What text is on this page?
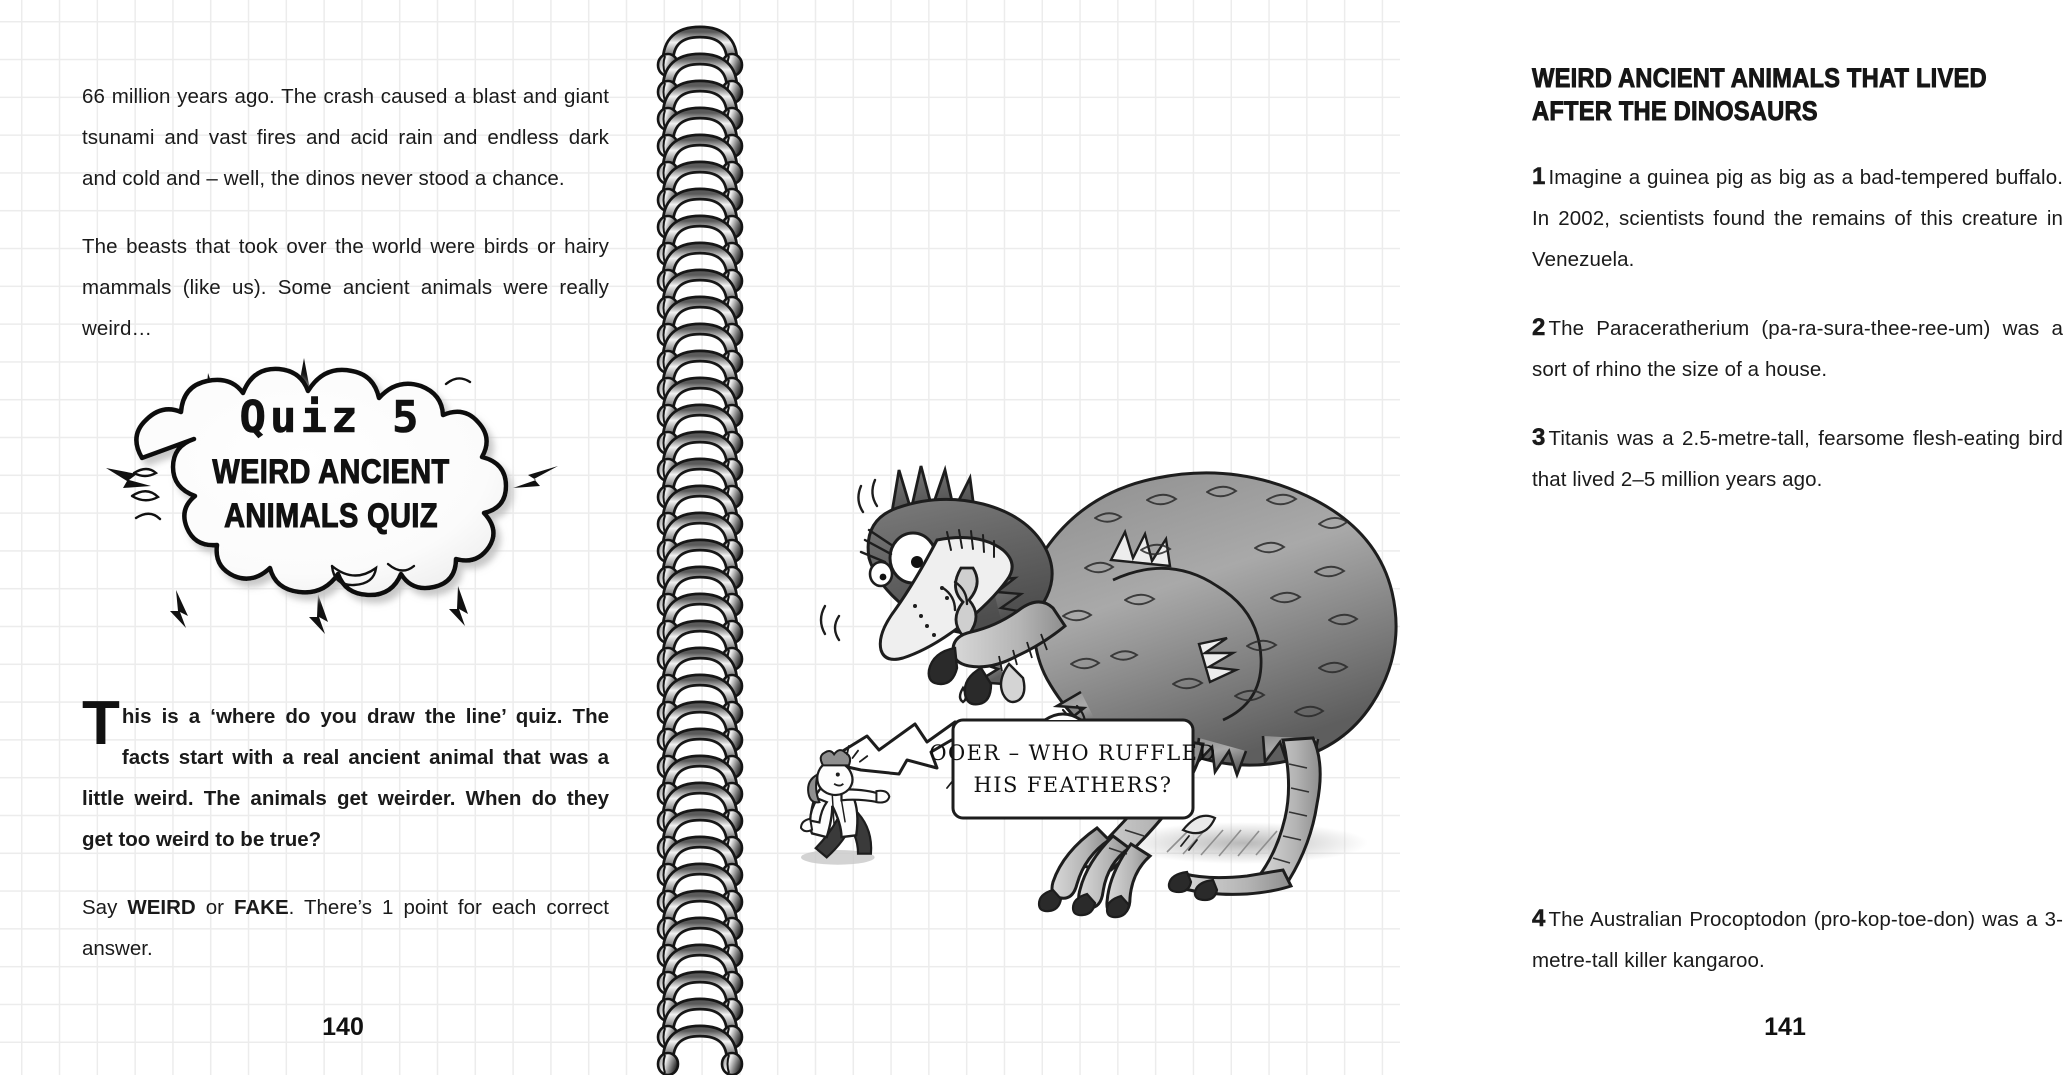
66 million years ago. The crash caused a blast and giant tsunami and vast fires and acid rain and endless dark and cold and – well, the dinos never stood a chance.

The beasts that took over the world were birds or hairy mammals (like us). Some ancient animals were really weird…

Quiz 5
WEIRD ANCIENT
ANIMALS QUIZ

This is a ‘where do you draw the line’ quiz. The facts start with a real ancient animal that was a little weird. The animals get weirder. When do they get too weird to be true?

Say WEIRD or FAKE. There’s 1 point for each correct answer.

140
WEIRD ANCIENT ANIMALS THAT LIVED
AFTER THE DINOSAURS

1 Imagine a guinea pig as big as a bad-tempered buffalo. In 2002, scientists found the remains of this creature in Venezuela.

2 The Paraceratherium (pa-ra-sura-thee-ree-um) was a sort of rhino the size of a house.

3 Titanis was a 2.5-metre-tall, fearsome flesh-eating bird that lived 2–5 million years ago.

4 The Australian Procoptodon (pro-kop-toe-don) was a 3-metre-tall killer kangaroo.

141
OOER – WHO RUFFLED
HIS FEATHERS?
